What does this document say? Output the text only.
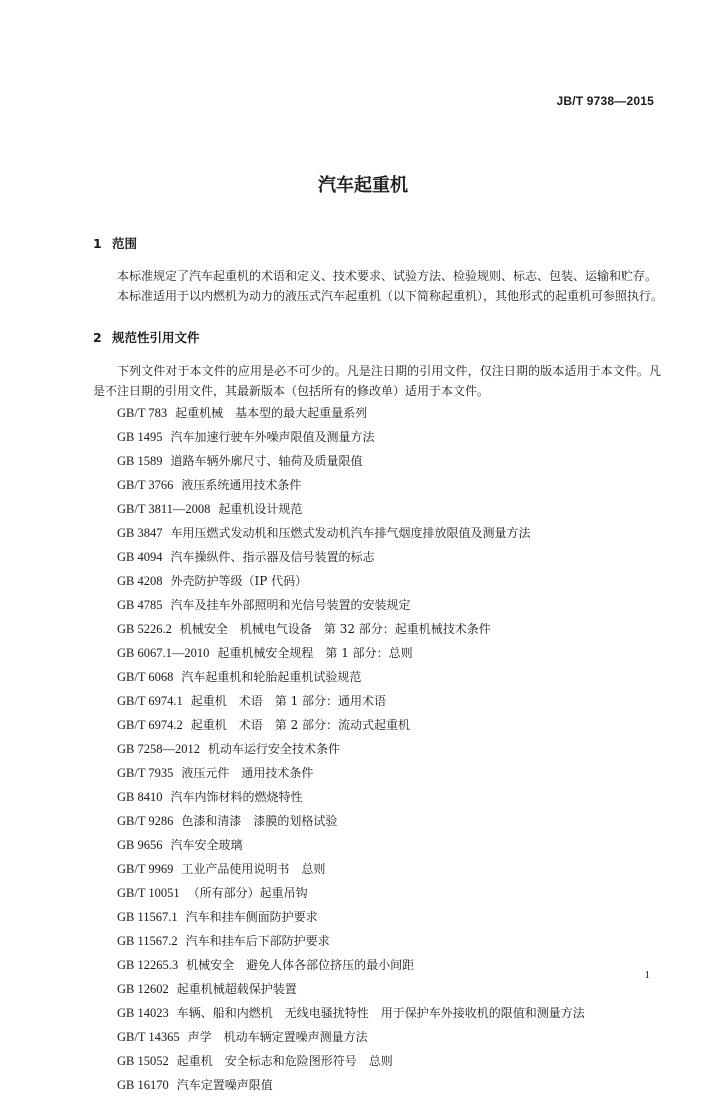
JB/T 9738—2015
汽车起重机
1 范围
本标准规定了汽车起重机的术语和定义、技术要求、试验方法、检验规则、标志、包装、运输和贮存。
本标准适用于以内燃机为动力的液压式汽车起重机（以下简称起重机），其他形式的起重机可参照执行。
2 规范性引用文件
下列文件对于本文件的应用是必不可少的。凡是注日期的引用文件，仅注日期的版本适用于本文件。凡是不注日期的引用文件，其最新版本（包括所有的修改单）适用于本文件。
GB/T 783 起重机械　基本型的最大起重量系列
GB 1495 汽车加速行驶车外噪声限值及测量方法
GB 1589 道路车辆外廓尺寸、轴荷及质量限值
GB/T 3766 液压系统通用技术条件
GB/T 3811—2008 起重机设计规范
GB 3847 车用压燃式发动机和压燃式发动机汽车排气烟度排放限值及测量方法
GB 4094 汽车操纵件、指示器及信号装置的标志
GB 4208 外壳防护等级（IP 代码）
GB 4785 汽车及挂车外部照明和光信号装置的安装规定
GB 5226.2 机械安全　机械电气设备　第 32 部分：起重机械技术条件
GB 6067.1—2010 起重机械安全规程　第 1 部分：总则
GB/T 6068 汽车起重机和轮胎起重机试验规范
GB/T 6974.1 起重机　术语　第 1 部分：通用术语
GB/T 6974.2 起重机　术语　第 2 部分：流动式起重机
GB 7258—2012 机动车运行安全技术条件
GB/T 7935 液压元件　通用技术条件
GB 8410 汽车内饰材料的燃烧特性
GB/T 9286 色漆和清漆　漆膜的划格试验
GB 9656 汽车安全玻璃
GB/T 9969 工业产品使用说明书　总则
GB/T 10051 （所有部分）起重吊钩
GB 11567.1 汽车和挂车侧面防护要求
GB 11567.2 汽车和挂车后下部防护要求
GB 12265.3 机械安全　避免人体各部位挤压的最小间距
GB 12602 起重机械超载保护装置
GB 14023 车辆、船和内燃机　无线电骚扰特性　用于保护车外接收机的限值和测量方法
GB/T 14365 声学　机动车辆定置噪声测量方法
GB 15052 起重机　安全标志和危险图形符号　总则
GB 16170 汽车定置噪声限值
1
